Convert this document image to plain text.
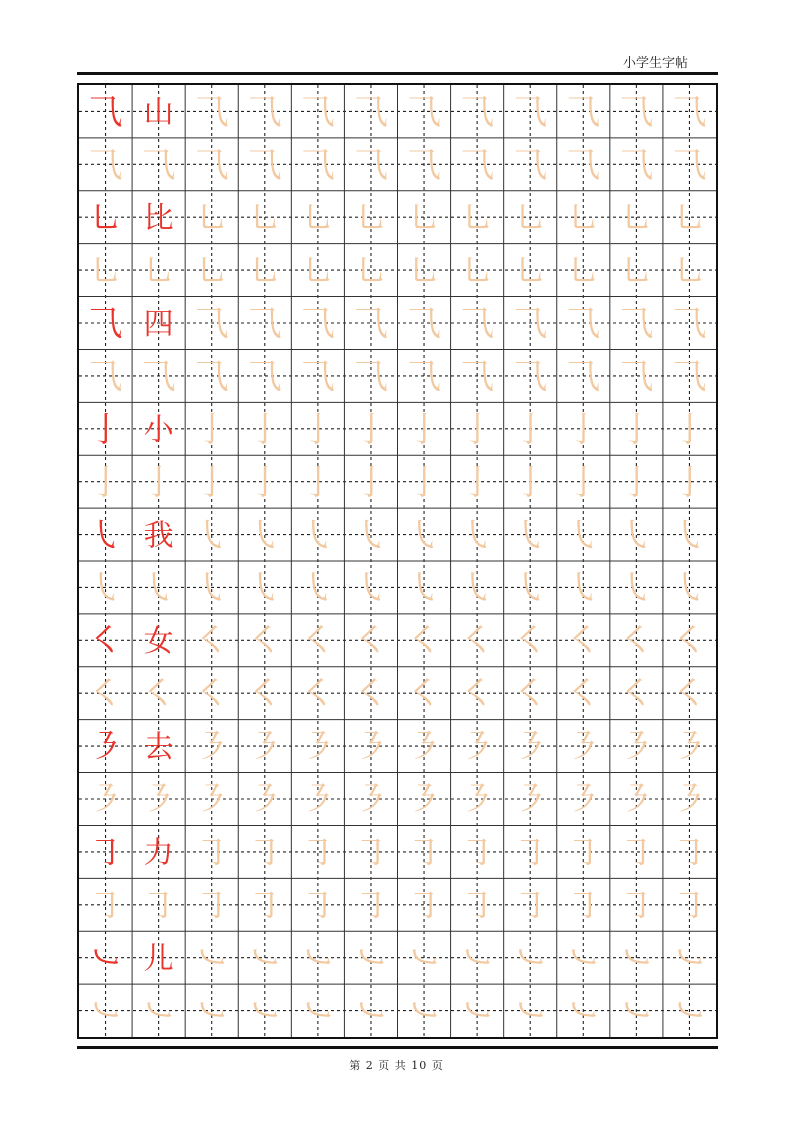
小学生字帖
⺄ 山 ⺄ ⺄ ⺄ ⺄ ⺄ ⺄ ⺄ ⺄ ⺄ ⺄
⺄ ⺄ ⺄ ⺄ ⺄ ⺄ ⺄ ⺄ ⺄ ⺄ ⺄ ⺄
㇟ 比 ㇟ ㇟ ㇟ ㇟ ㇟ ㇟ ㇟ ㇟ ㇟ ㇟
㇟ ㇟ ㇟ ㇟ ㇟ ㇟ ㇟ ㇟ ㇟ ㇟ ㇟ ㇟
⺄ 四 ⺄ ⺄ ⺄ ⺄ ⺄ ⺄ ⺄ ⺄ ⺄ ⺄
⺄ ⺄ ⺄ ⺄ ⺄ ⺄ ⺄ ⺄ ⺄ ⺄ ⺄ ⺄
亅 小 亅 亅 亅 亅 亅 亅 亅 亅 亅 亅
亅 亅 亅 亅 亅 亅 亅 亅 亅 亅 亅 亅
㇂ 我 ㇂ ㇂ ㇂ ㇂ ㇂ ㇂ ㇂ ㇂ ㇂ ㇂
㇂ ㇂ ㇂ ㇂ ㇂ ㇂ ㇂ ㇂ ㇂ ㇂ ㇂ ㇂
㇛ 女 ㇛ ㇛ ㇛ ㇛ ㇛ ㇛ ㇛ ㇛ ㇛ ㇛
㇛ ㇛ ㇛ ㇛ ㇛ ㇛ ㇛ ㇛ ㇛ ㇛ ㇛ ㇛
㇋ 去 ㇋ ㇋ ㇋ ㇋ ㇋ ㇋ ㇋ ㇋ ㇋ ㇋
㇋ ㇋ ㇋ ㇋ ㇋ ㇋ ㇋ ㇋ ㇋ ㇋ ㇋ ㇋
㇆ 力 ㇆ ㇆ ㇆ ㇆ ㇆ ㇆ ㇆ ㇆ ㇆ ㇆
㇆ ㇆ ㇆ ㇆ ㇆ ㇆ ㇆ ㇆ ㇆ ㇆ ㇆ ㇆
㇃ 儿 ㇃ ㇃ ㇃ ㇃ ㇃ ㇃ ㇃ ㇃ ㇃ ㇃
㇃ ㇃ ㇃ ㇃ ㇃ ㇃ ㇃ ㇃ ㇃ ㇃ ㇃ ㇃
第 2 页 共 10 页
